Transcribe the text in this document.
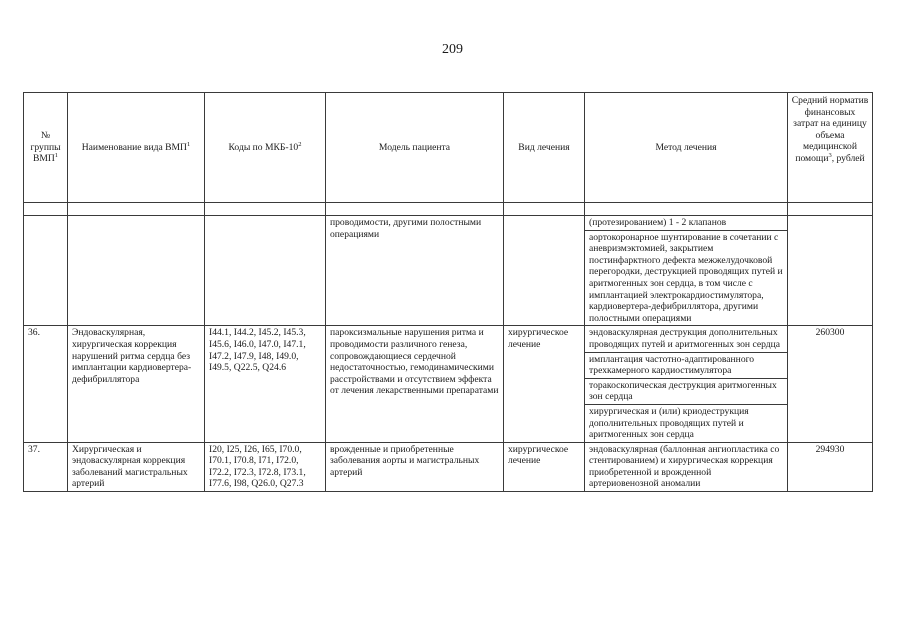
209
№ группы ВМП$^1$	Наименование вида ВМП$^1$	Коды по МКБ-$10^2$	Модель пациента	Вид лечения	Метод лечения	Средний норматив финансовых затрат на единицу объема медицинской помощи$^3$, рублей

			проводимости, другими полостными операциями		(протезированием) 1 - 2 клапанов	
					аортокоронарное шунтирование в сочетании с аневризмэктомией, закрытием постинфарктного дефекта межжелудочковой перегородки, деструкцией проводящих путей и аритмогенных зон сердца, в том числе с имплантацией электрокардиостимулятора, кардиовертера-дефибриллятора, другими полостными операциями	
36.	Эндоваскулярная, хирургическая коррекция нарушений ритма сердца без имплантации кардиовертера-дефибриллятора	I44.1, I44.2, I45.2, I45.3, I45.6, I46.0, I47.0, I47.1, I47.2, I47.9, I48, I49.0, I49.5, Q22.5, Q24.6	пароксизмальные нарушения ритма и проводимости различного генеза, сопровождающиеся сердечной недостаточностью, гемодинамическими расстройствами и отсутствием эффекта от лечения лекарственными препаратами	хирургическое лечение	эндоваскулярная деструкция дополнительных проводящих путей и аритмогенных зон сердца	260300
					имплантация частотно-адаптированного трехкамерного кардиостимулятора	
					торакоскопическая деструкция аритмогенных зон сердца	
					хирургическая и (или) криодеструкция дополнительных проводящих путей и аритмогенных зон сердца	
37.	Хирургическая и эндоваскулярная коррекция заболеваний магистральных артерий	I20, I25, I26, I65, I70.0, I70.1, I70.8, I71, I72.0, I72.2, I72.3, I72.8, I73.1, I77.6, I98, Q26.0, Q27.3	врожденные и приобретенные заболевания аорты и магистральных артерий	хирургическое лечение	эндоваскулярная (баллонная ангиопластика со стентированием) и хирургическая коррекция приобретенной и врожденной артериовенозной аномалии	294930
